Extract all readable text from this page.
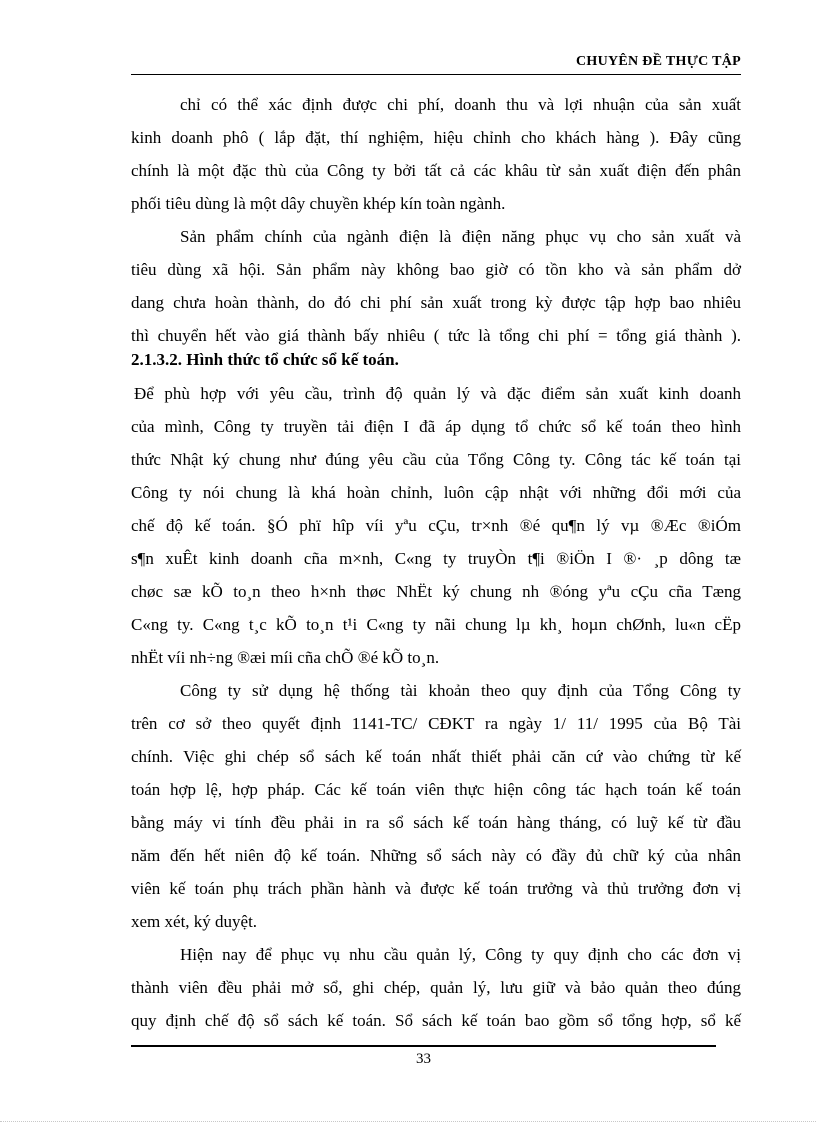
CHUYÊN ĐỀ THỰC TẬP
chỉ có thể xác định được chi phí, doanh thu và lợi nhuận của sản xuất
kinh doanh phô ( lắp đặt, thí nghiệm, hiệu chỉnh cho khách hàng ). Đây cũng
chính là một đặc thù của Công ty bởi tất cả các khâu từ sản xuất điện đến phân
phối tiêu dùng là một dây chuyền khép kín toàn ngành.
Sản phẩm chính của ngành điện là điện năng phục vụ cho sản xuất và
tiêu dùng xã hội. Sản phẩm này không bao giờ có tồn kho và sản phẩm dở
dang chưa hoàn thành, do đó chi phí sản xuất trong kỳ được tập hợp bao nhiêu
thì chuyển hết vào giá thành bấy nhiêu ( tức là tổng chi phí = tổng giá thành ).
2.1.3.2. Hình thức tổ chức sổ kế toán.
Để phù hợp với yêu cầu, trình độ quản lý và đặc điểm sản xuất kinh doanh
của mình, Công ty truyền tải điện I đã áp dụng tổ chức sổ kế toán theo hình
thức Nhật ký chung như đúng yêu cầu của Tổng Công ty. Công tác kế toán tại
Công ty nói chung là khá hoàn chỉnh, luôn cập nhật với những đổi mới của
chế độ kế toán. §Ó phï hîp víi yªu cÇu, tr×nh ®é qu¶n lý vµ ®Æc ®iÓm
s¶n xuÊt kinh doanh cña m×nh, C«ng ty truyÒn t¶i ®iÖn I ®· ¸p dông tæ
chøc sæ kÕ to¸n theo h×nh thøc NhËt ký chung nh ®óng yªu cÇu cña Tæng
C«ng ty. C«ng t¸c kÕ to¸n t¹i C«ng ty nãi chung lµ kh¸ hoµn chØnh, lu«n cËp
nhËt víi nh÷ng ®æi míi cña chÕ ®é kÕ to¸n.
Công ty sử dụng hệ thống tài khoản theo quy định của Tổng Công ty
trên cơ sở theo quyết định 1141-TC/ CĐKT ra ngày 1/ 11/ 1995 của Bộ Tài
chính. Việc ghi chép sổ sách kế toán nhất thiết phải căn cứ vào chứng từ kế
toán hợp lệ, hợp pháp. Các kế toán viên thực hiện công tác hạch toán kế toán
bằng máy vi tính đều phải in ra sổ sách kế toán hàng tháng, có luỹ kế từ đầu
năm đến hết niên độ kế toán. Những sổ sách này có đầy đủ chữ ký của nhân
viên kế toán phụ trách phần hành và được kế toán trưởng và thủ trưởng đơn vị
xem xét, ký duyệt.
Hiện nay để phục vụ nhu cầu quản lý, Công ty quy định cho các đơn vị
thành viên đều phải mở sổ, ghi chép, quản lý, lưu giữ và bảo quản theo đúng
quy định chế độ sổ sách kế toán. Sổ sách kế toán bao gồm sổ tổng hợp, sổ kế
33
